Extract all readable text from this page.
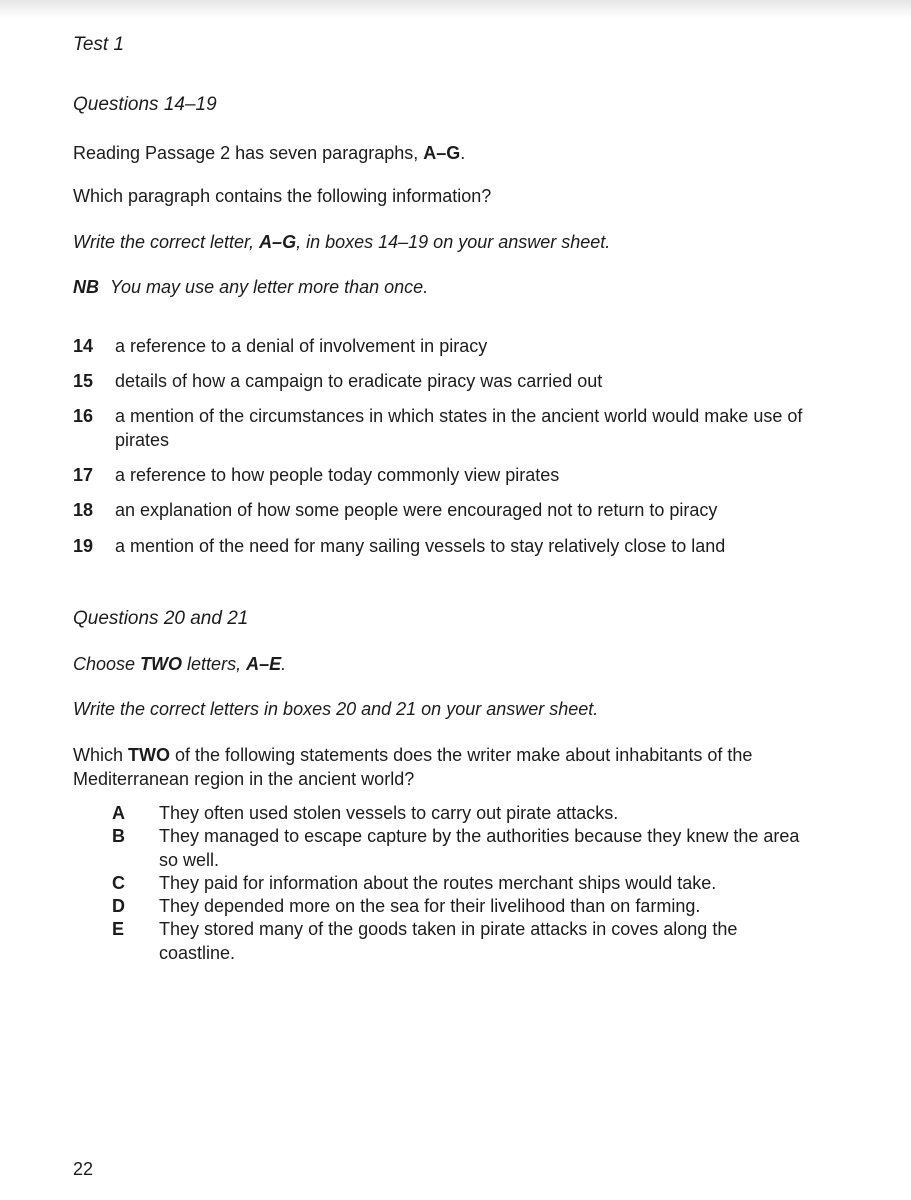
Test 1
Questions 14–19
Reading Passage 2 has seven paragraphs, A–G.
Which paragraph contains the following information?
Write the correct letter, A–G, in boxes 14–19 on your answer sheet.
NB You may use any letter more than once.
14	a reference to a denial of involvement in piracy
15	details of how a campaign to eradicate piracy was carried out
16	a mention of the circumstances in which states in the ancient world would make use of pirates
17	a reference to how people today commonly view pirates
18	an explanation of how some people were encouraged not to return to piracy
19	a mention of the need for many sailing vessels to stay relatively close to land
Questions 20 and 21
Choose TWO letters, A–E.
Write the correct letters in boxes 20 and 21 on your answer sheet.
Which TWO of the following statements does the writer make about inhabitants of the Mediterranean region in the ancient world?
A	They often used stolen vessels to carry out pirate attacks.
B	They managed to escape capture by the authorities because they knew the area so well.
C	They paid for information about the routes merchant ships would take.
D	They depended more on the sea for their livelihood than on farming.
E	They stored many of the goods taken in pirate attacks in coves along the coastline.
22
